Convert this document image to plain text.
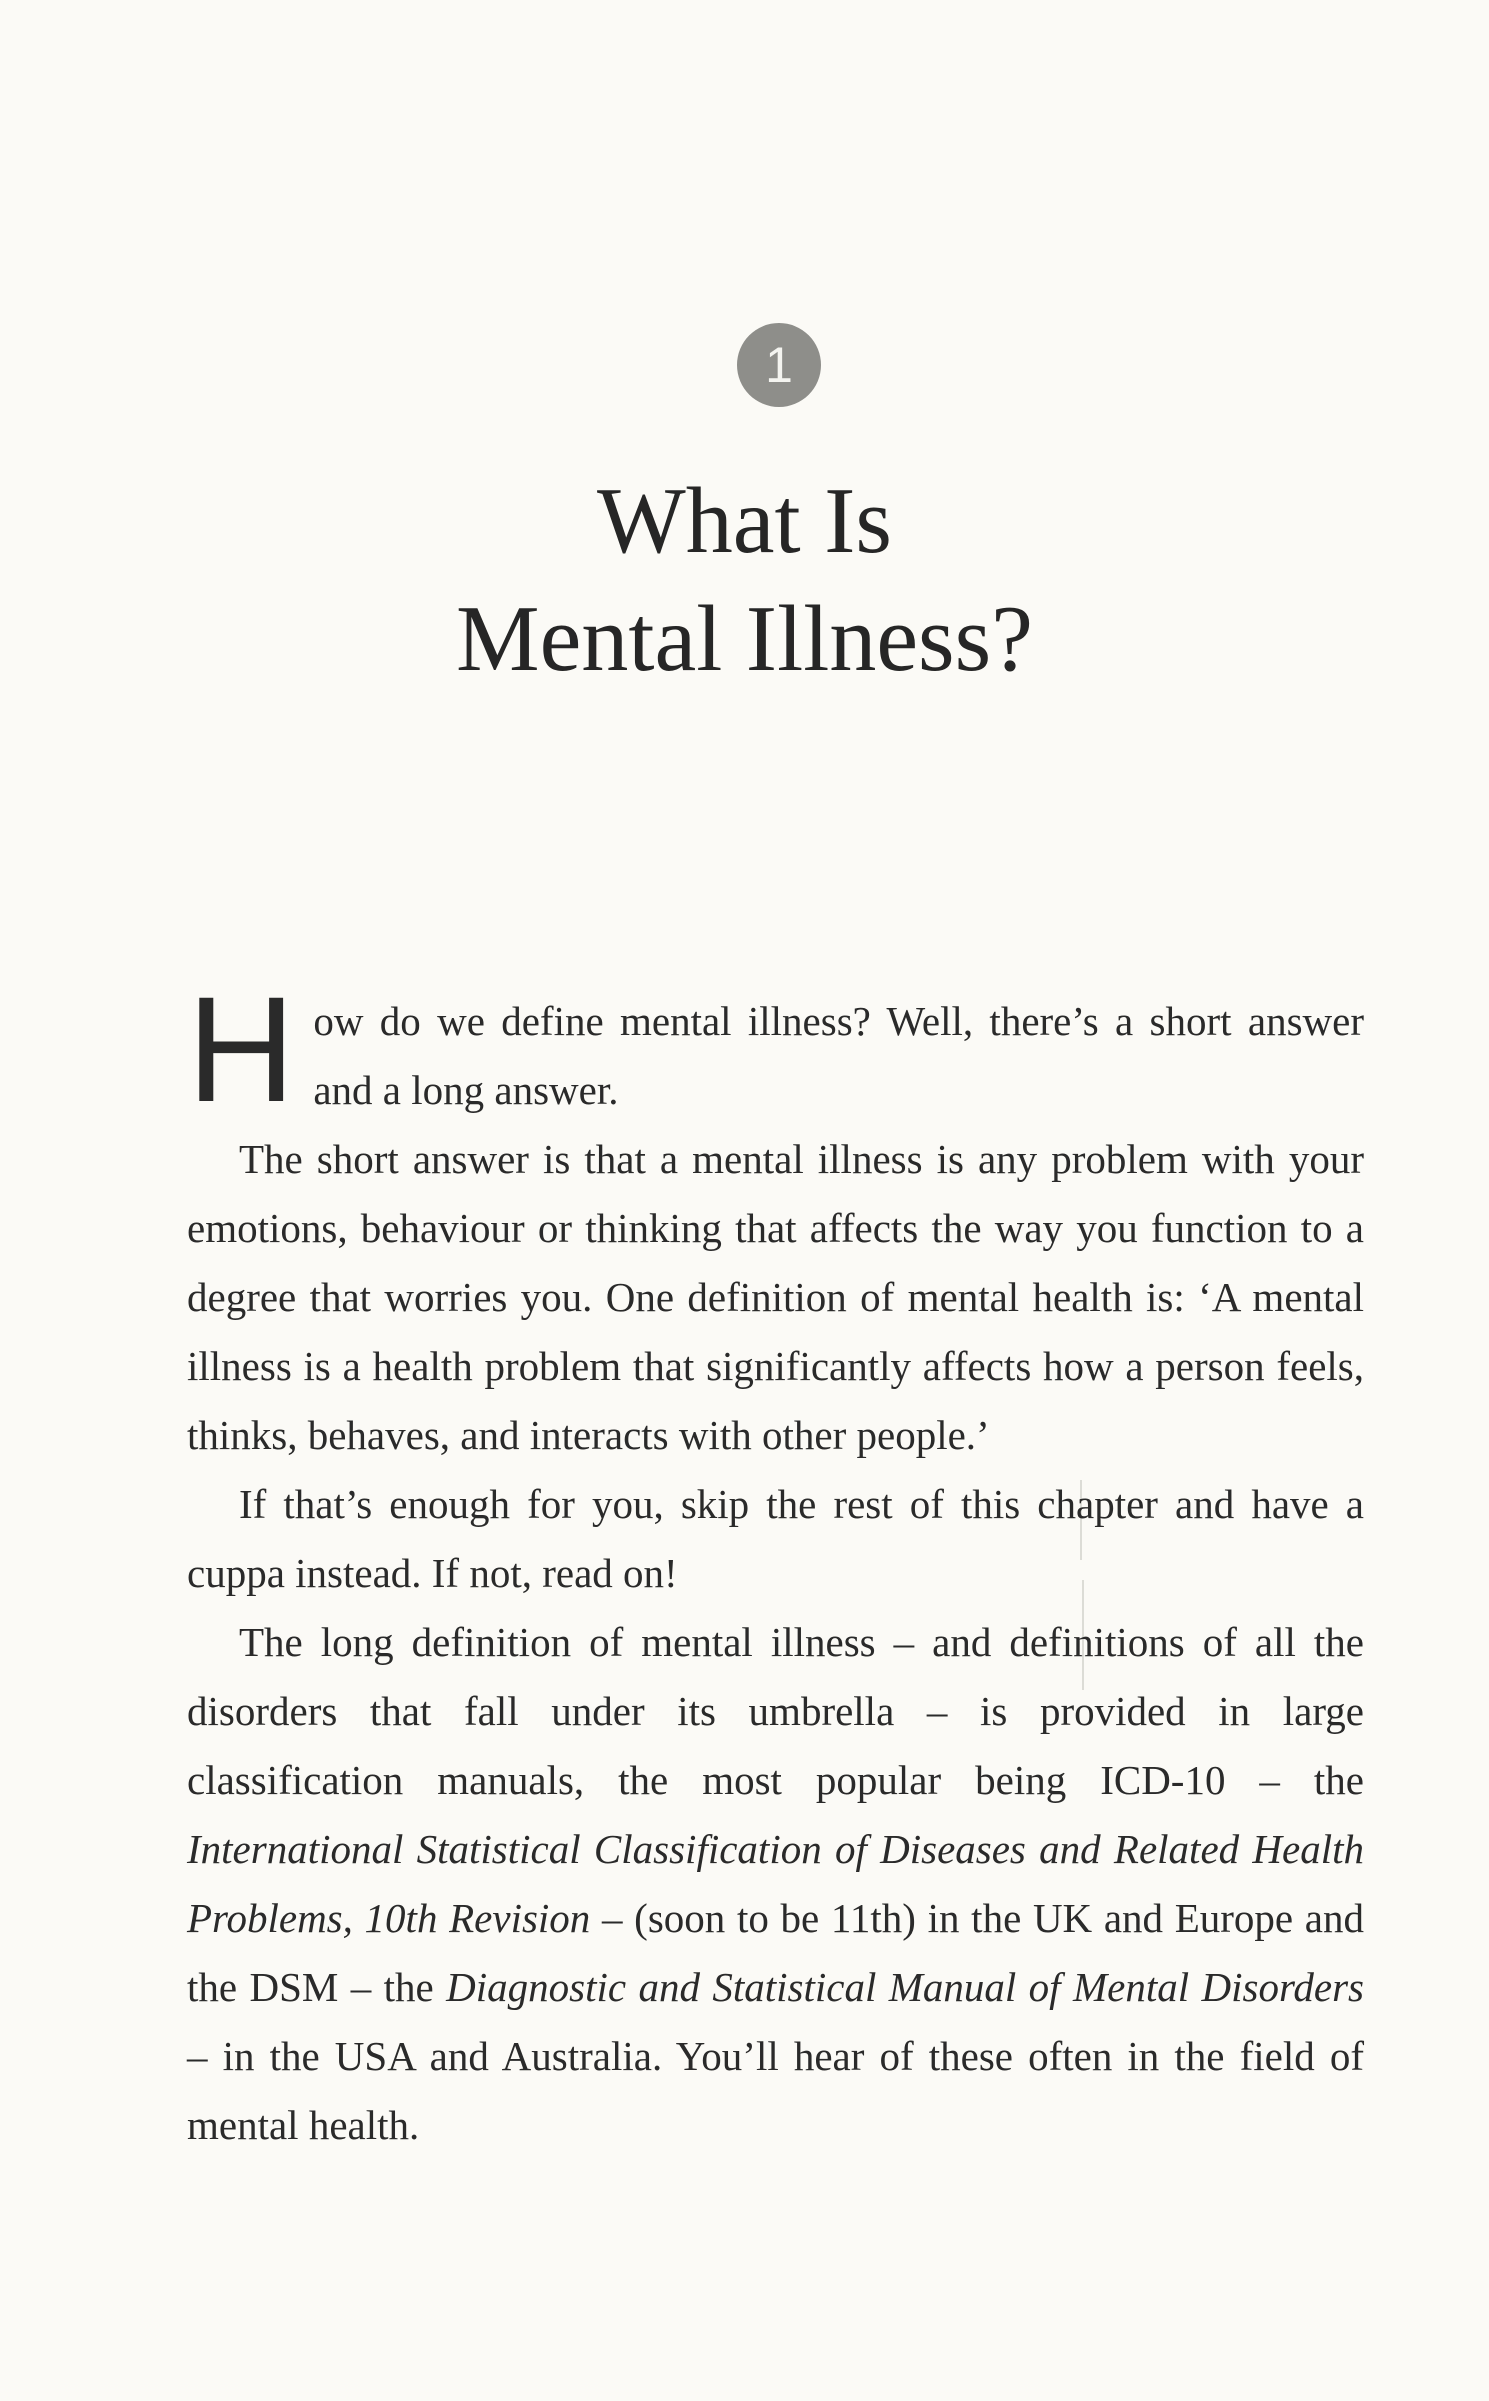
1
What Is
Mental Illness?

How do we define mental illness? Well, there’s a short answer and a long answer.

The short answer is that a mental illness is any problem with your emotions, behaviour or thinking that affects the way you function to a degree that worries you. One definition of mental health is: ‘A mental illness is a health problem that significantly affects how a person feels, thinks, behaves, and interacts with other people.’

If that’s enough for you, skip the rest of this chapter and have a cuppa instead. If not, read on!

The long definition of mental illness – and definitions of all the disorders that fall under its umbrella – is provided in large classification manuals, the most popular being ICD-10 – the International Statistical Classification of Diseases and Related Health Problems, 10th Revision – (soon to be 11th) in the UK and Europe and the DSM – the Diagnostic and Statistical Manual of Mental Disorders – in the USA and Australia. You’ll hear of these often in the field of mental health.
